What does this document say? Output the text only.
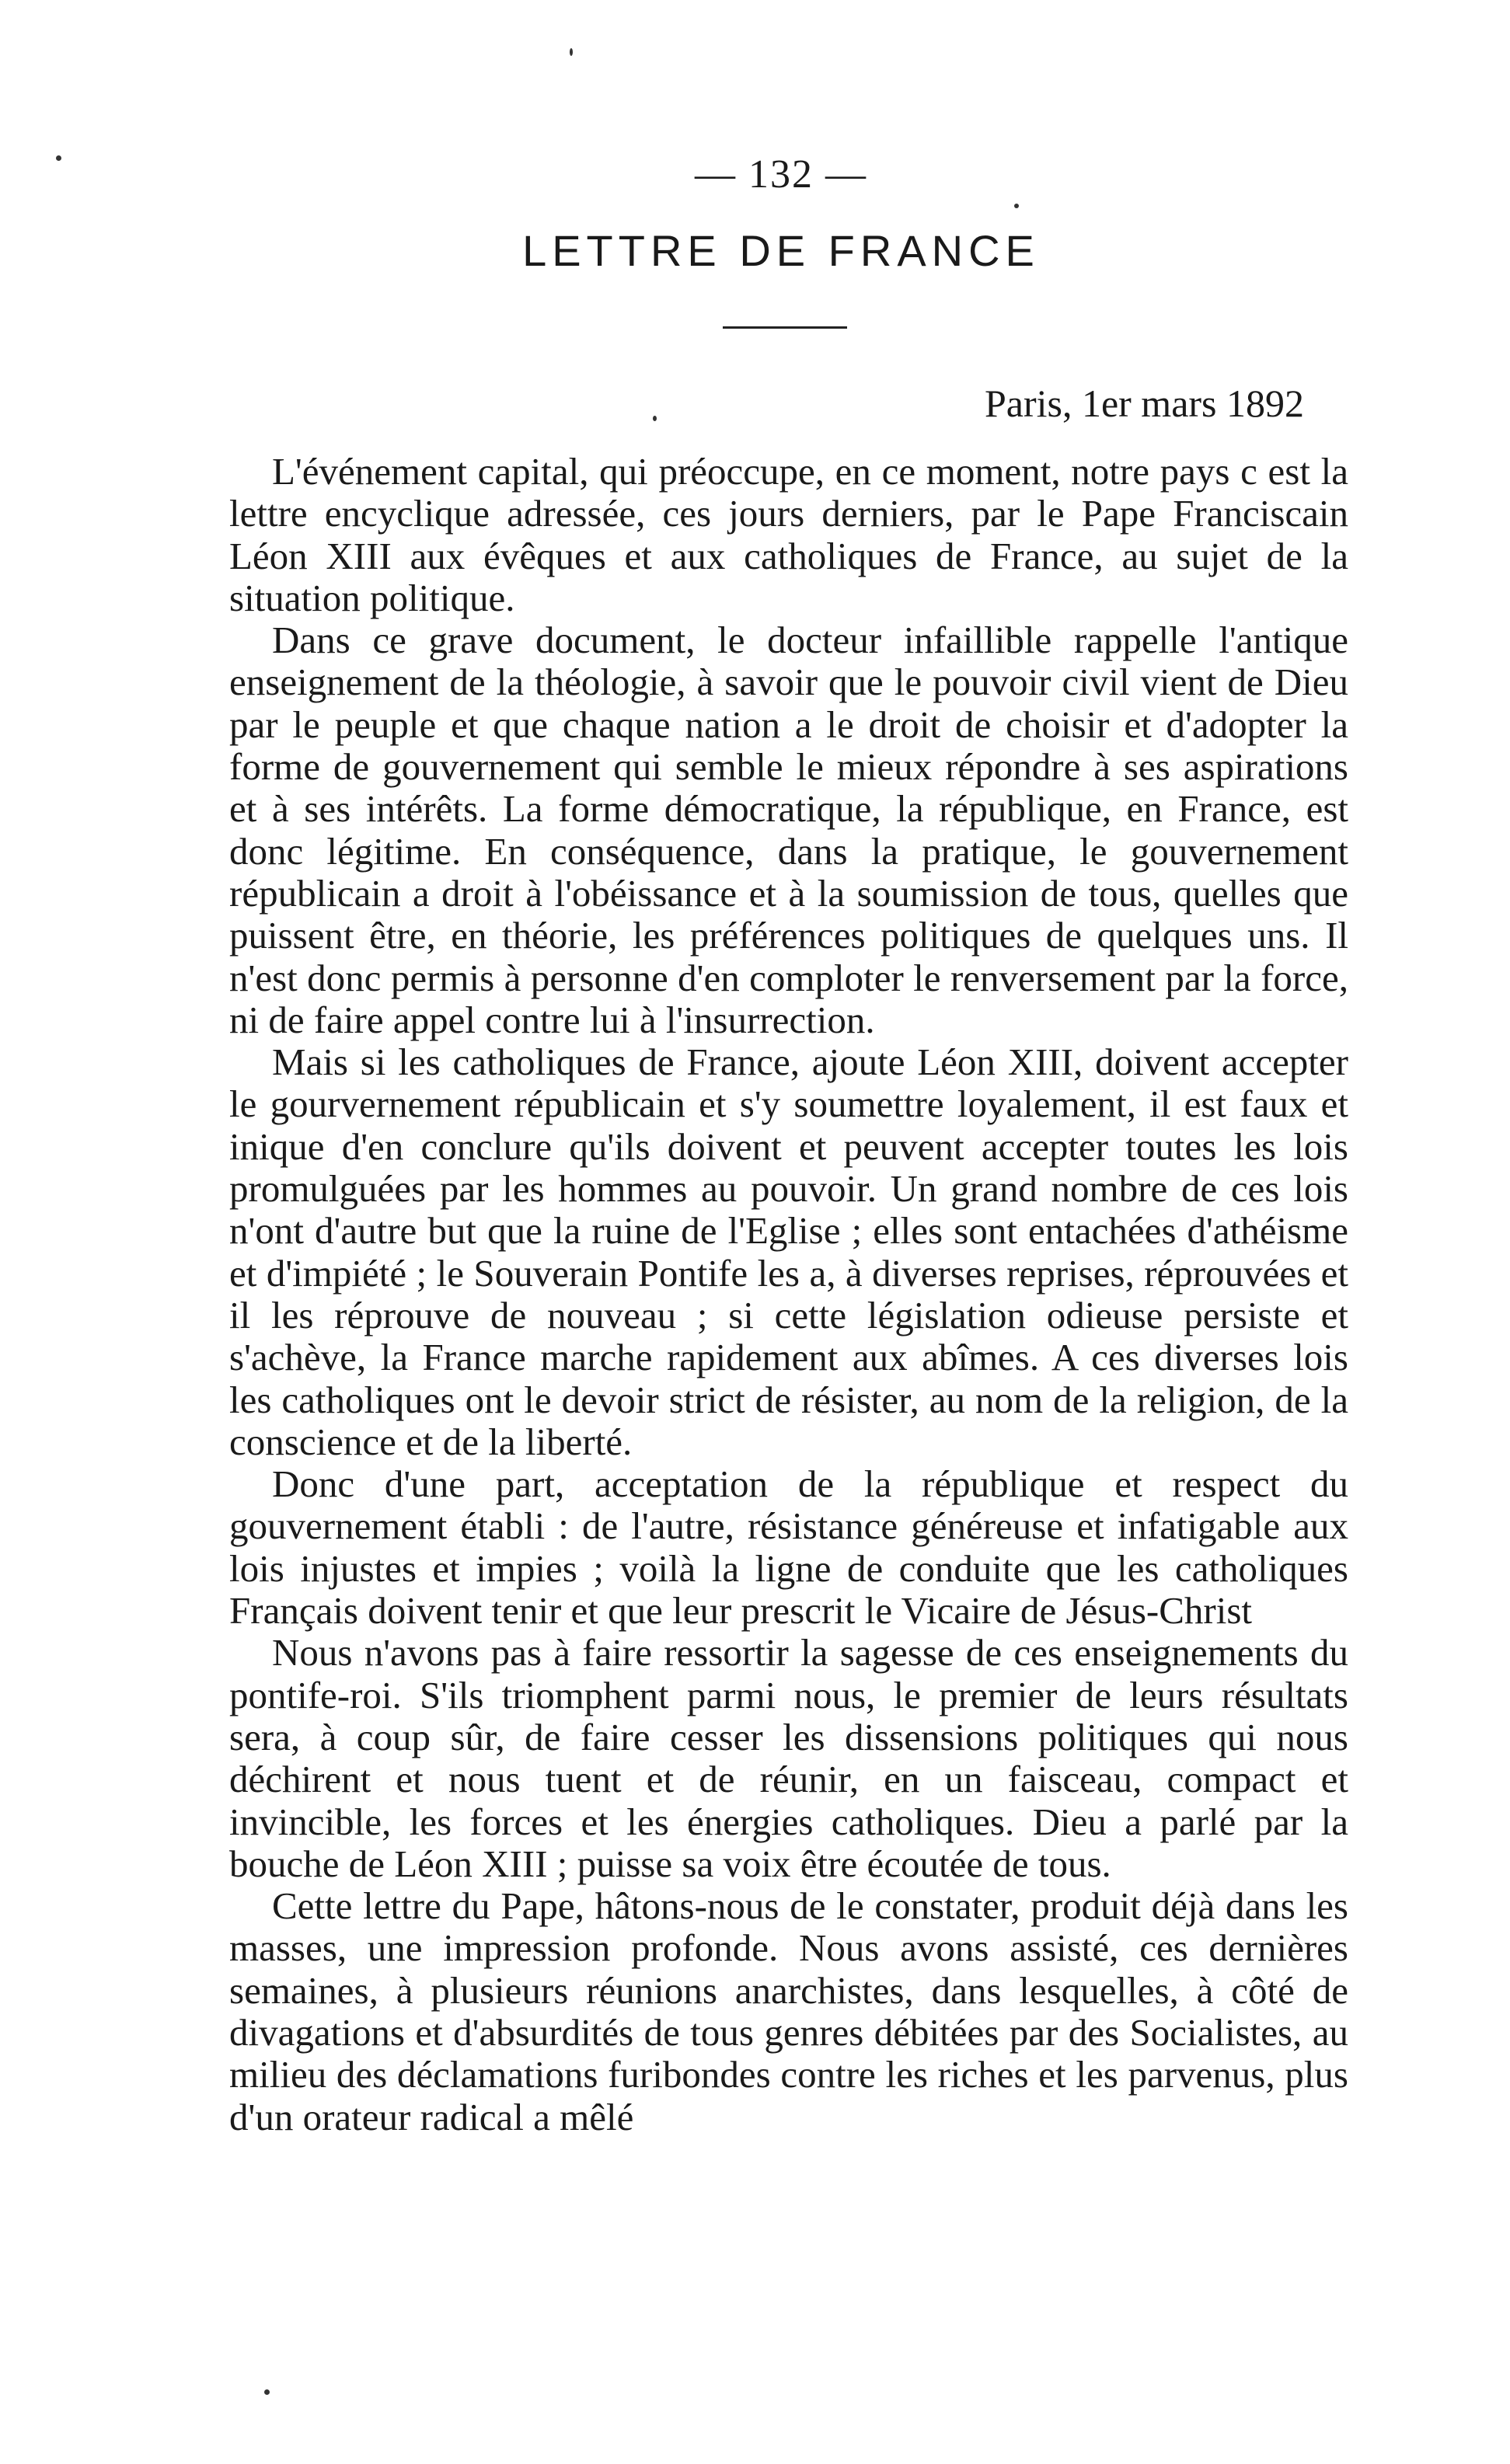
— 132 —
LETTRE DE FRANCE
Paris, 1er mars 1892

L'événement capital, qui préoccupe, en ce moment, notre pays c est la lettre encyclique adressée, ces jours derniers, par le Pape Franciscain Léon XIII aux évêques et aux catholiques de France, au sujet de la situation politique.

Dans ce grave document, le docteur infaillible rappelle l'antique enseignement de la théologie, à savoir que le pouvoir civil vient de Dieu par le peuple et que chaque nation a le droit de choisir et d'adopter la forme de gouvernement qui semble le mieux répondre à ses aspirations et à ses intérêts. La forme démocratique, la république, en France, est donc légitime. En conséquence, dans la pratique, le gouvernement républicain a droit à l'obéissance et à la soumission de tous, quelles que puissent être, en théorie, les préférences politiques de quelques uns. Il n'est donc permis à personne d'en comploter le renversement par la force, ni de faire appel contre lui à l'insurrection.

Mais si les catholiques de France, ajoute Léon XIII, doivent accepter le gourvernement républicain et s'y soumettre loyalement, il est faux et inique d'en conclure qu'ils doivent et peuvent accepter toutes les lois promulguées par les hommes au pouvoir. Un grand nombre de ces lois n'ont d'autre but que la ruine de l'Eglise ; elles sont entachées d'athéisme et d'impiété ; le Souverain Pontife les a, à diverses reprises, réprouvées et il les réprouve de nouveau ; si cette législation odieuse persiste et s'achève, la France marche rapidement aux abîmes. A ces diverses lois les catholiques ont le devoir strict de résister, au nom de la religion, de la conscience et de la liberté.

Donc d'une part, acceptation de la république et respect du gouvernement établi : de l'autre, résistance généreuse et infatigable aux lois injustes et impies ; voilà la ligne de conduite que les catholiques Français doivent tenir et que leur prescrit le Vicaire de Jésus-Christ

Nous n'avons pas à faire ressortir la sagesse de ces enseignements du pontife-roi. S'ils triomphent parmi nous, le premier de leurs résultats sera, à coup sûr, de faire cesser les dissensions politiques qui nous déchirent et nous tuent et de réunir, en un faisceau, compact et invincible, les forces et les énergies catholiques. Dieu a parlé par la bouche de Léon XIII ; puisse sa voix être écoutée de tous.

Cette lettre du Pape, hâtons-nous de le constater, produit déjà dans les masses, une impression profonde. Nous avons assisté, ces dernières semaines, à plusieurs réunions anarchistes, dans lesquelles, à côté de divagations et d'absurdités de tous genres débitées par des Socialistes, au milieu des déclamations furibondes contre les riches et les parvenus, plus d'un orateur radical a mêlé
